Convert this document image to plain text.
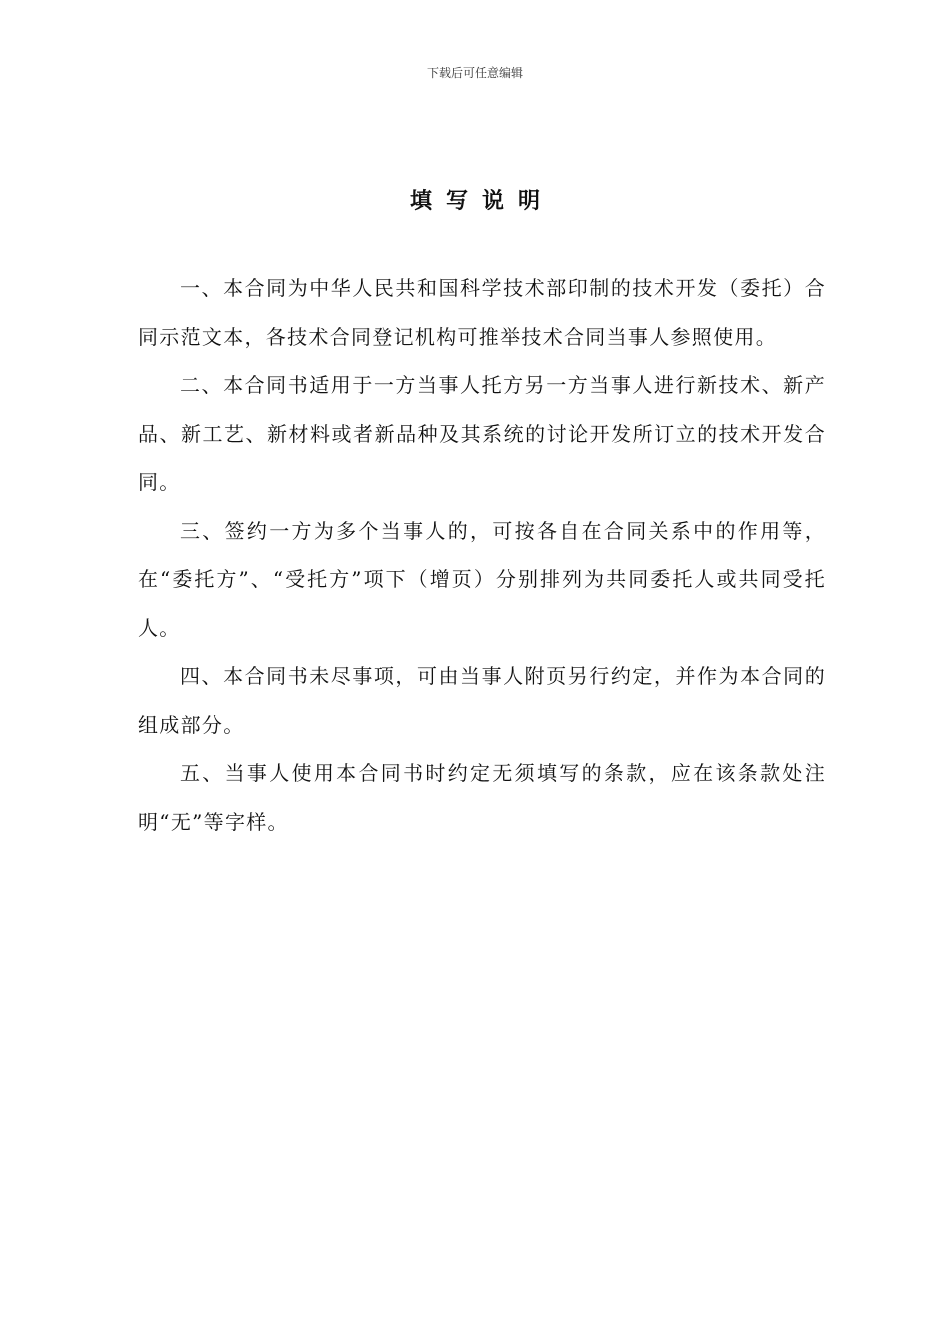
下载后可任意编辑
填写说明

一、本合同为中华人民共和国科学技术部印制的技术开发（委托）合同示范文本，各技术合同登记机构可推举技术合同当事人参照使用。

二、本合同书适用于一方当事人托方另一方当事人进行新技术、新产品、新工艺、新材料或者新品种及其系统的讨论开发所订立的技术开发合同。

三、签约一方为多个当事人的，可按各自在合同关系中的作用等，在“委托方”、“受托方”项下（增页）分别排列为共同委托人或共同受托人。

四、本合同书未尽事项，可由当事人附页另行约定，并作为本合同的组成部分。

五、当事人使用本合同书时约定无须填写的条款，应在该条款处注明“无”等字样。
